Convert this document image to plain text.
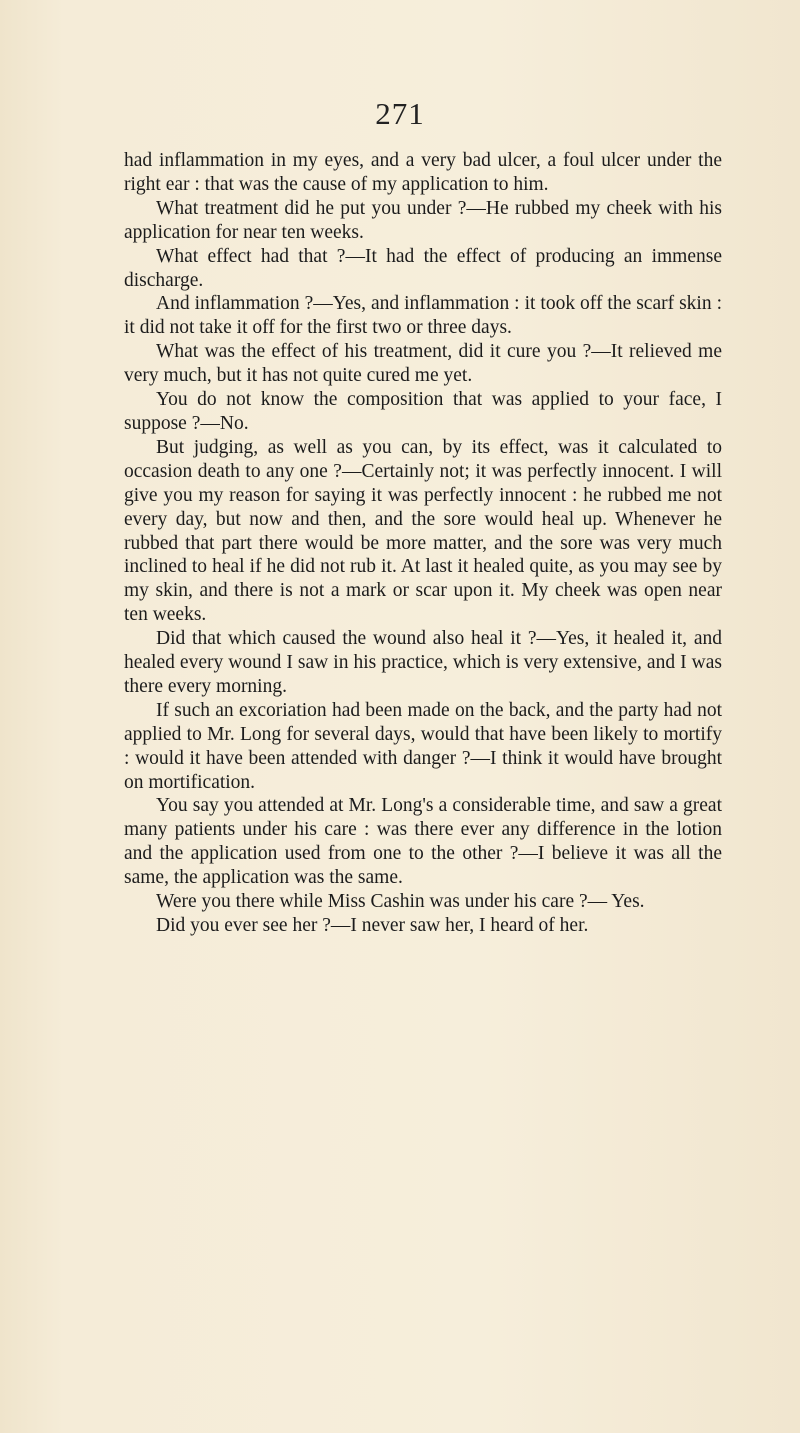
271

had inflammation in my eyes, and a very bad ulcer, a foul ulcer under the right ear : that was the cause of my application to him.

What treatment did he put you under ?—He rubbed my cheek with his application for near ten weeks.

What effect had that ?—It had the effect of producing an immense discharge.

And inflammation ?—Yes, and inflammation : it took off the scarf skin : it did not take it off for the first two or three days.

What was the effect of his treatment, did it cure you ?—It relieved me very much, but it has not quite cured me yet.

You do not know the composition that was applied to your face, I suppose ?—No.

But judging, as well as you can, by its effect, was it calculated to occasion death to any one ?—Certainly not; it was perfectly innocent. I will give you my reason for saying it was perfectly innocent : he rubbed me not every day, but now and then, and the sore would heal up. Whenever he rubbed that part there would be more matter, and the sore was very much inclined to heal if he did not rub it. At last it healed quite, as you may see by my skin, and there is not a mark or scar upon it. My cheek was open near ten weeks.

Did that which caused the wound also heal it ?—Yes, it healed it, and healed every wound I saw in his practice, which is very extensive, and I was there every morning.

If such an excoriation had been made on the back, and the party had not applied to Mr. Long for several days, would that have been likely to mortify : would it have been attended with danger ?—I think it would have brought on mortification.

You say you attended at Mr. Long's a considerable time, and saw a great many patients under his care : was there ever any difference in the lotion and the application used from one to the other ?—I believe it was all the same, the application was the same.

Were you there while Miss Cashin was under his care ?— Yes.

Did you ever see her ?—I never saw her, I heard of her.
